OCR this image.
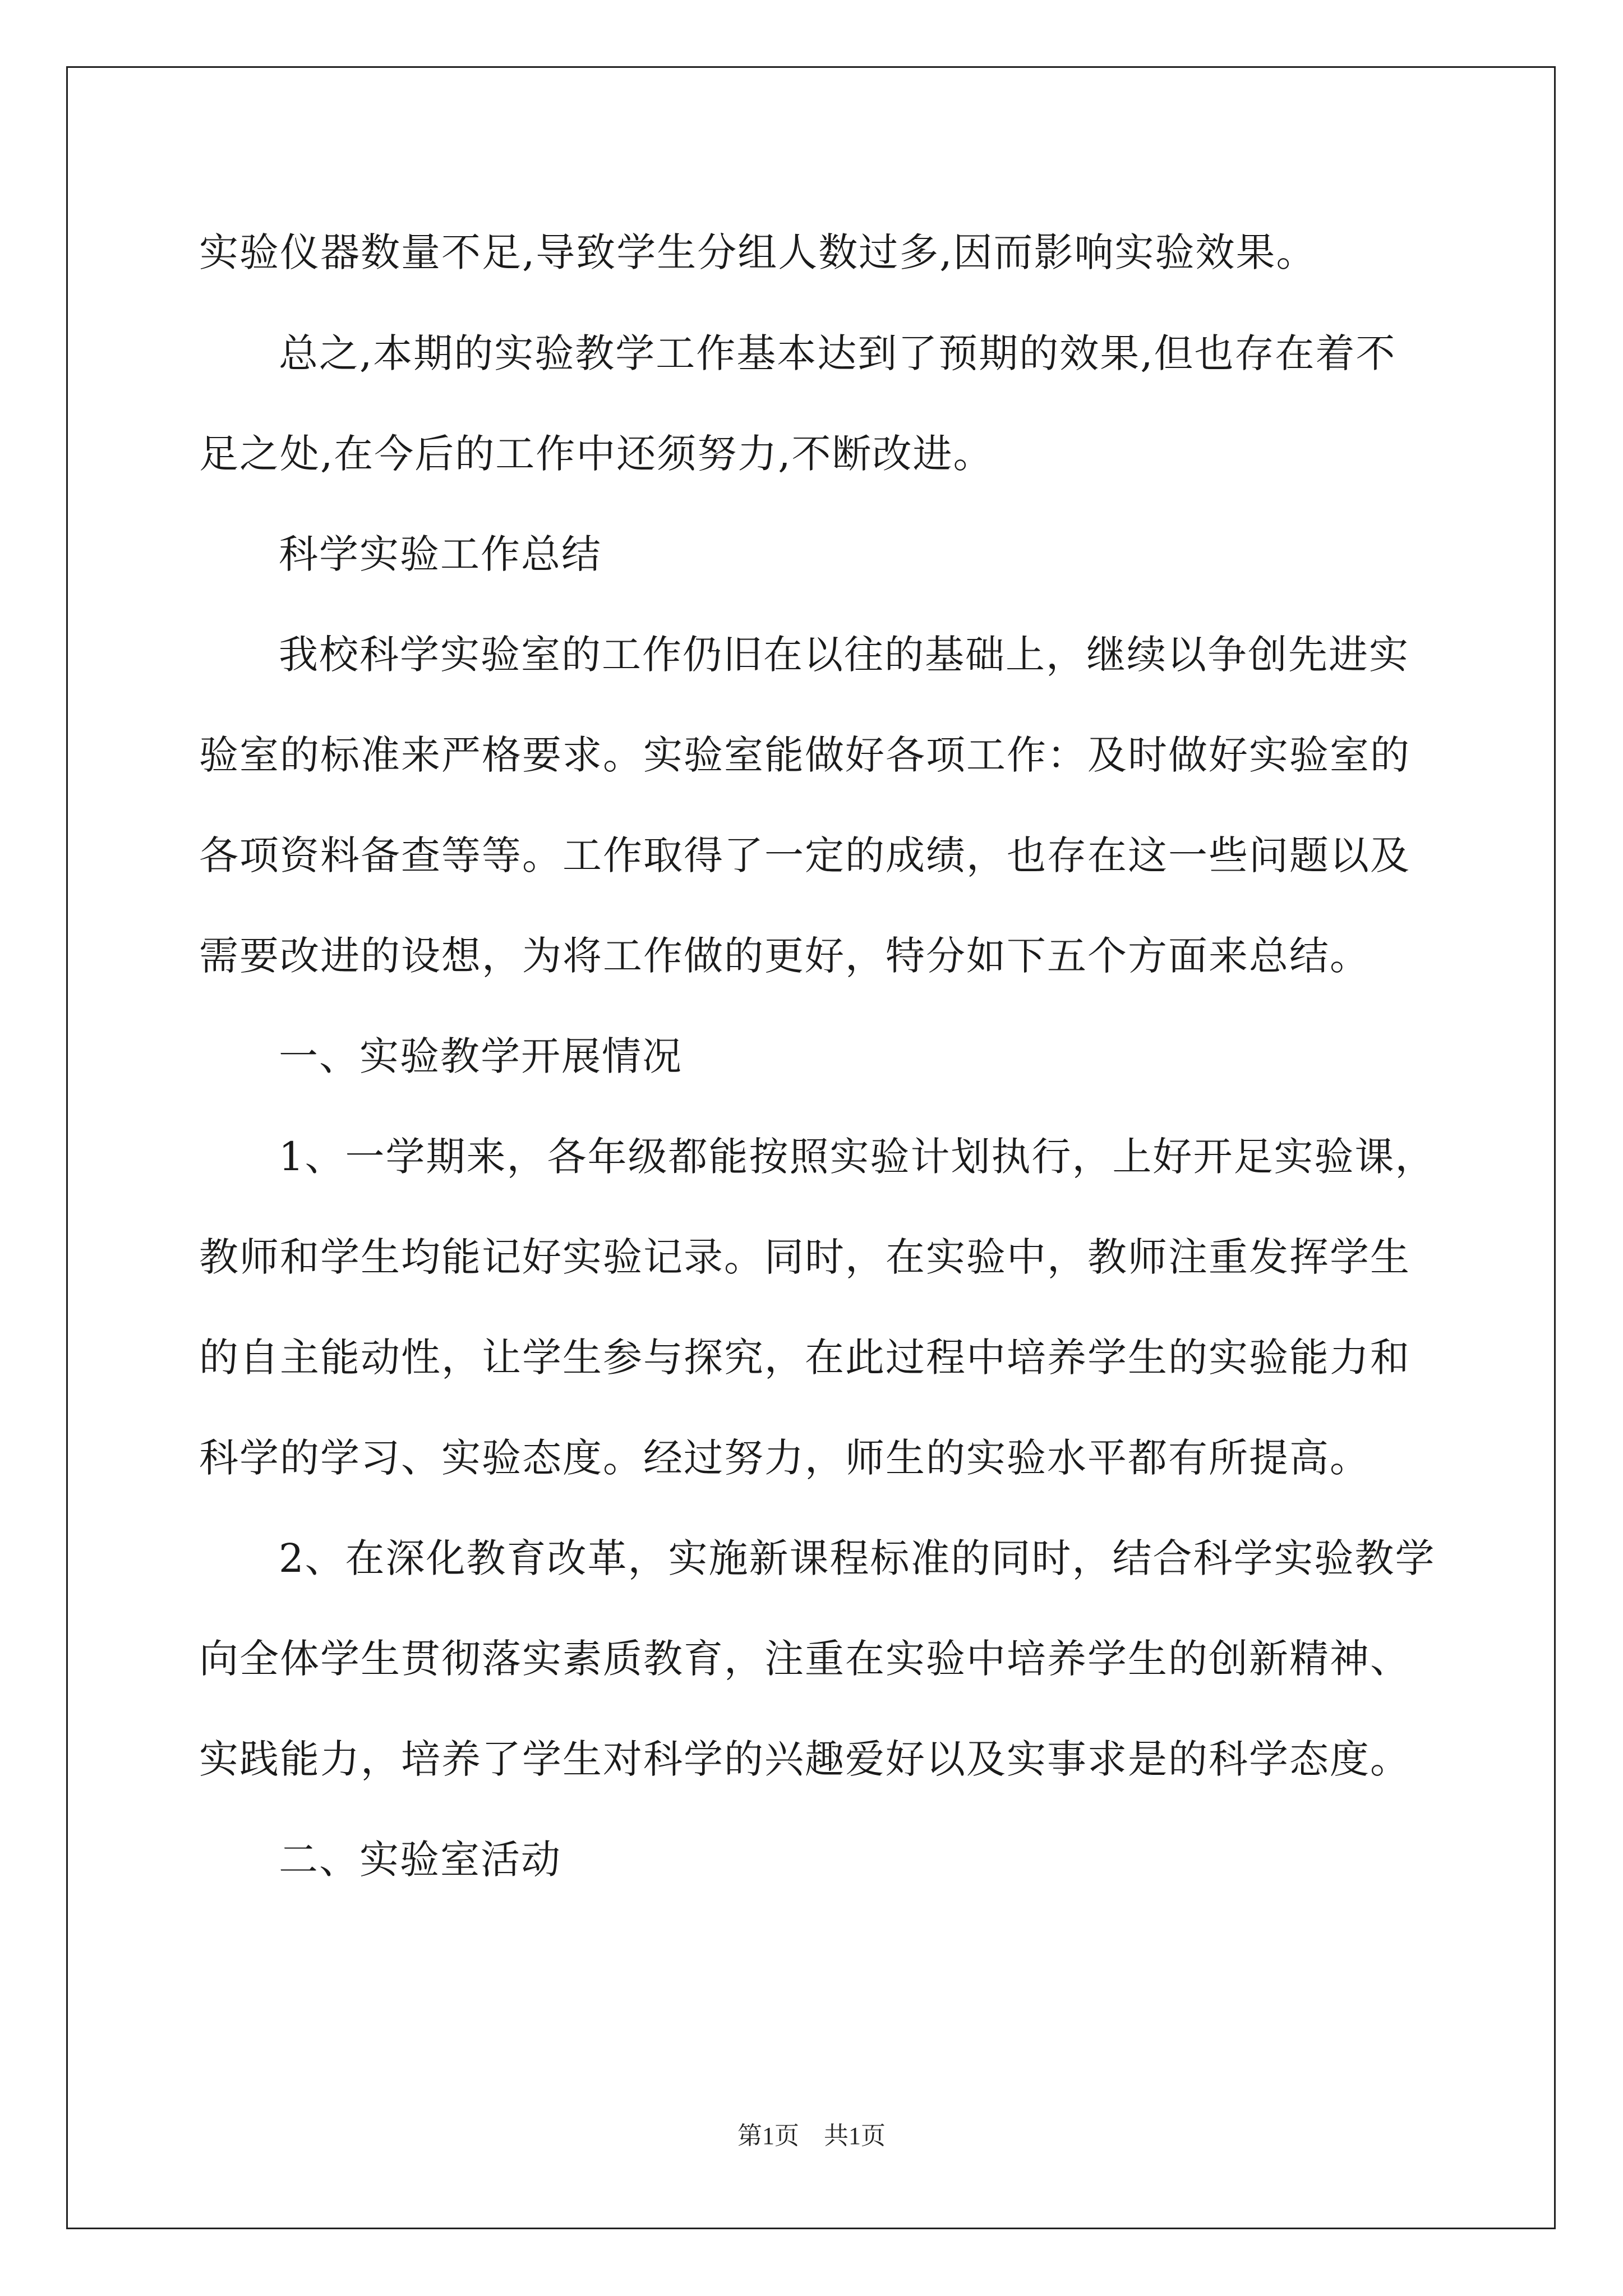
实验仪器数量不足,导致学生分组人数过多,因而影响实验效果。
总之,本期的实验教学工作基本达到了预期的效果,但也存在着不
足之处,在今后的工作中还须努力,不断改进。
科学实验工作总结
我校科学实验室的工作仍旧在以往的基础上，继续以争创先进实
验室的标准来严格要求。实验室能做好各项工作：及时做好实验室的
各项资料备查等等。工作取得了一定的成绩，也存在这一些问题以及
需要改进的设想，为将工作做的更好，特分如下五个方面来总结。
一、实验教学开展情况
1、一学期来，各年级都能按照实验计划执行，上好开足实验课，
教师和学生均能记好实验记录。同时，在实验中，教师注重发挥学生
的自主能动性，让学生参与探究，在此过程中培养学生的实验能力和
科学的学习、实验态度。经过努力，师生的实验水平都有所提高。
2、在深化教育改革，实施新课程标准的同时，结合科学实验教学
向全体学生贯彻落实素质教育，注重在实验中培养学生的创新精神、
实践能力，培养了学生对科学的兴趣爱好以及实事求是的科学态度。
二、实验室活动
第1页　共1页
